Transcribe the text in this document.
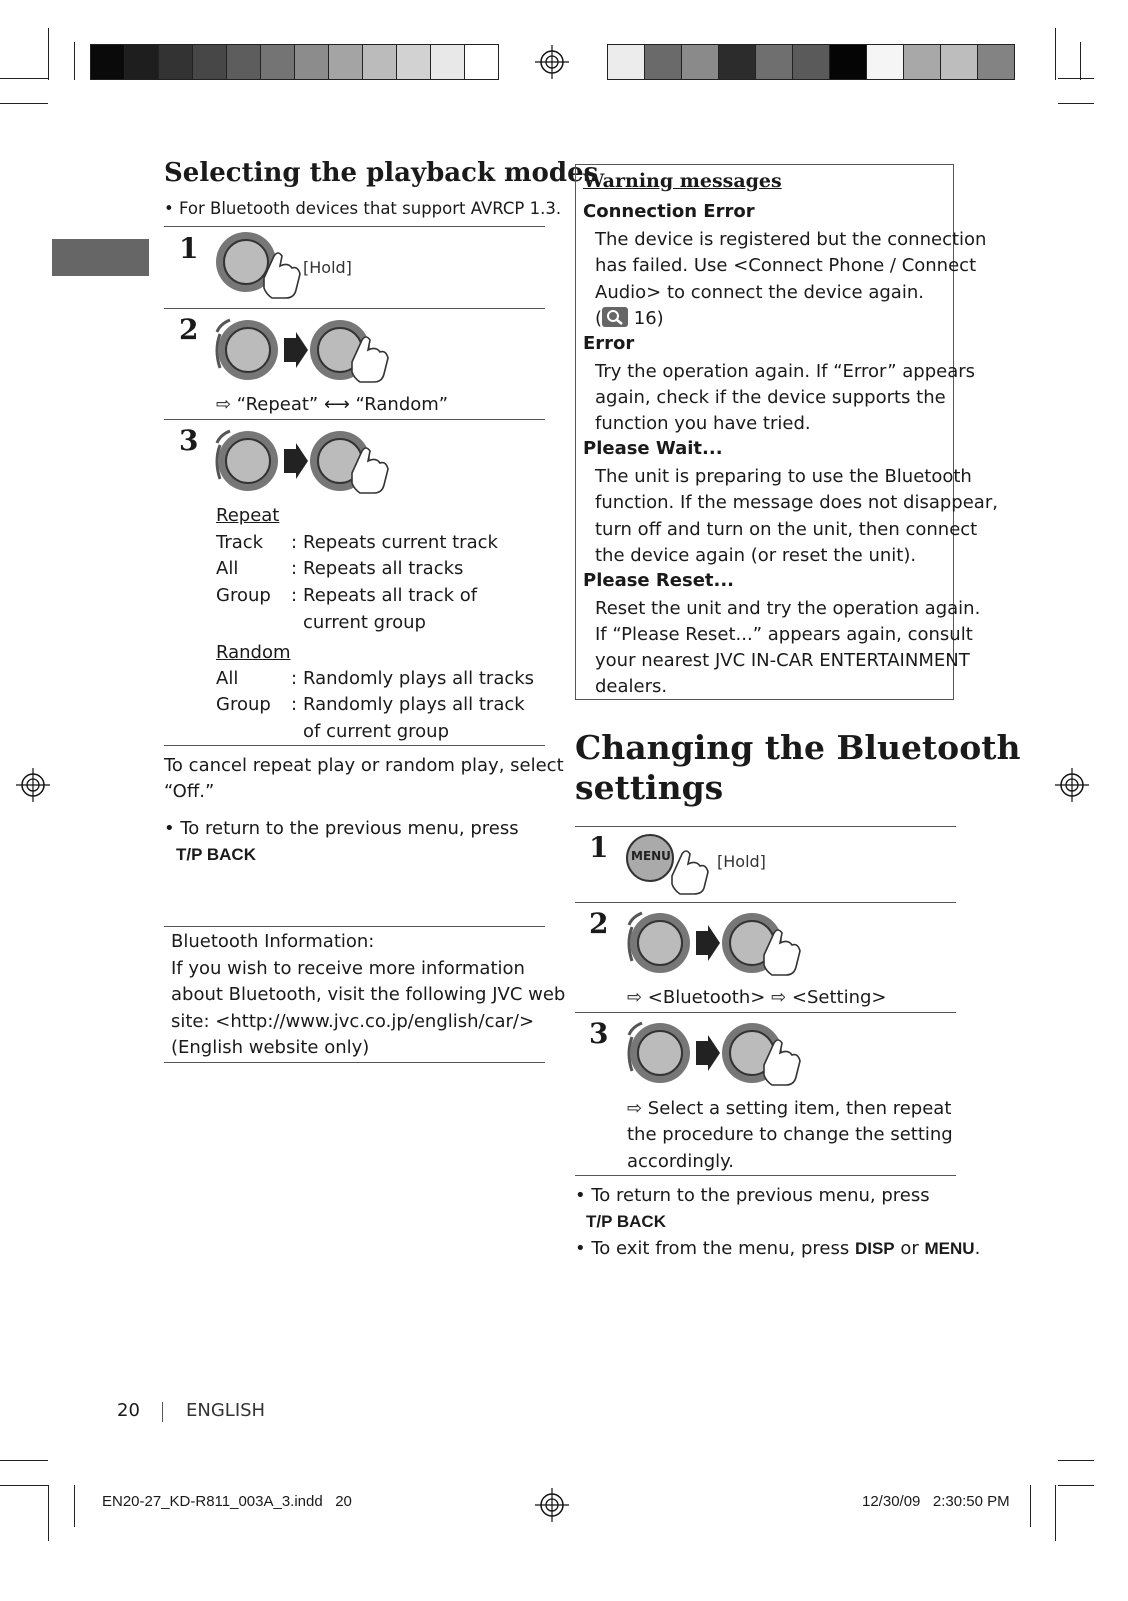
Selecting the playback modes
• For Bluetooth devices that support AVRCP 1.3.
1
[Hold]
2
⇨ “Repeat” ⟷ “Random”
3
Repeat
Track : Repeats current track
All	: Repeats all tracks
Group : Repeats all track of current group
Random
All	: Randomly plays all tracks
Group : Randomly plays all track of current group
To cancel repeat play or random play, select
“Off.”
• To return to the previous menu, press
T/P BACK
Bluetooth Information:
If you wish to receive more information
about Bluetooth, visit the following JVC web
site: <http://www.jvc.co.jp/english/car/>
(English website only)
Warning messages
Connection Error
The device is registered but the connection
has failed. Use <Connect Phone / Connect
Audio> to connect the device again.
( 16)
Error
Try the operation again. If “Error” appears
again, check if the device supports the
function you have tried.
Please Wait...
The unit is preparing to use the Bluetooth
function. If the message does not disappear,
turn off and turn on the unit, then connect
the device again (or reset the unit).
Please Reset...
Reset the unit and try the operation again.
If “Please Reset...” appears again, consult
your nearest JVC IN-CAR ENTERTAINMENT
dealers.
Changing the Bluetooth
settings
1 MENU	[Hold]
2
⇨ <Bluetooth> ⇨ <Setting>
3
⇨ Select a setting item, then repeat
the procedure to change the setting
accordingly.
• To return to the previous menu, press
T/P BACK
• To exit from the menu, press DISP or MENU.
20	ENGLISH
EN20-27_KD-R811_003A_3.indd   20	12/30/09   2:30:50 PM
